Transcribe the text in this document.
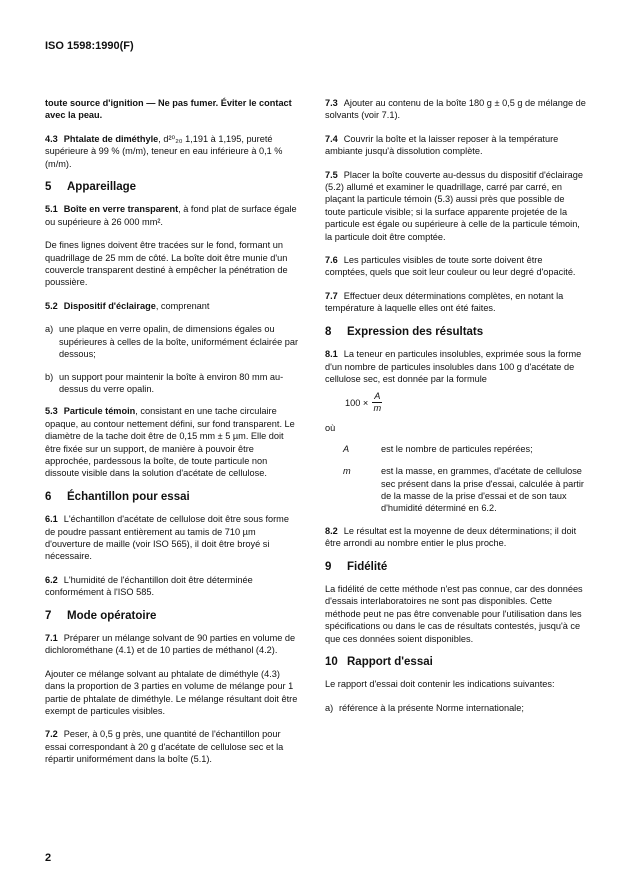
ISO 1598:1990(F)

toute source d'ignition — Ne pas fumer. Éviter le contact avec la peau.

4.3 Phtalate de diméthyle, d²⁰₂₀ 1,191 à 1,195, pureté supérieure à 99 % (m/m), teneur en eau inférieure à 0,1 % (m/m).

5 Appareillage

5.1 Boîte en verre transparent, à fond plat de surface égale ou supérieure à 26 000 mm².

De fines lignes doivent être tracées sur le fond, formant un quadrillage de 25 mm de côté. La boîte doit être munie d'un couvercle transparent destiné à empêcher la pénétration de poussière.

5.2 Dispositif d'éclairage, comprenant

a) une plaque en verre opalin, de dimensions égales ou supérieures à celles de la boîte, uniformément éclairée par dessous;
b) un support pour maintenir la boîte à environ 80 mm au-dessus du verre opalin.

5.3 Particule témoin, consistant en une tache circulaire opaque, au contour nettement défini, sur fond transparent. Le diamètre de la tache doit être de 0,15 mm ± 5 µm. Elle doit être fixée sur un support, de manière à pouvoir être approchée, pardessous la boîte, de toute particule non dissoute visible dans la solution d'acétate de cellulose.

6 Échantillon pour essai

6.1 L'échantillon d'acétate de cellulose doit être sous forme de poudre passant entièrement au tamis de 710 µm d'ouverture de maille (voir ISO 565), il doit être broyé si nécessaire.

6.2 L'humidité de l'échantillon doit être déterminée conformément à l'ISO 585.

7 Mode opératoire

7.1 Préparer un mélange solvant de 90 parties en volume de dichlorométhane (4.1) et de 10 parties de méthanol (4.2).

Ajouter ce mélange solvant au phtalate de diméthyle (4.3) dans la proportion de 3 parties en volume de mélange pour 1 partie de phtalate de diméthyle. Le mélange résultant doit être exempt de particules visibles.

7.2 Peser, à 0,5 g près, une quantité de l'échantillon pour essai correspondant à 20 g d'acétate de cellulose sec et la répartir uniformément dans la boîte (5.1).

7.3 Ajouter au contenu de la boîte 180 g ± 0,5 g de mélange de solvants (voir 7.1).

7.4 Couvrir la boîte et la laisser reposer à la température ambiante jusqu'à dissolution complète.

7.5 Placer la boîte couverte au-dessus du dispositif d'éclairage (5.2) allumé et examiner le quadrillage, carré par carré, en plaçant la particule témoin (5.3) aussi près que possible de toute particule visible; si la surface apparente projetée de la particule est égale ou supérieure à celle de la particule témoin, la particule doit être comptée.

7.6 Les particules visibles de toute sorte doivent être comptées, quels que soit leur couleur ou leur degré d'opacité.

7.7 Effectuer deux déterminations complètes, en notant la température à laquelle elles ont été faites.

8 Expression des résultats

8.1 La teneur en particules insolubles, exprimée sous la forme d'un nombre de particules insolubles dans 100 g d'acétate de cellulose sec, est donnée par la formule

$100 \times \frac{A}{m}$

où

A	est le nombre de particules repérées;
m	est la masse, en grammes, d'acétate de cellulose sec présent dans la prise d'essai, calculée à partir de la masse de la prise d'essai et de son taux d'humidité déterminé en 6.2.

8.2 Le résultat est la moyenne de deux déterminations; il doit être arrondi au nombre entier le plus proche.

9 Fidélité

La fidélité de cette méthode n'est pas connue, car des données d'essais interlaboratoires ne sont pas disponibles. Cette méthode peut ne pas être convenable pour l'utilisation dans les spécifications ou dans le cas de résultats contestés, jusqu'à ce que ces données soient disponibles.

10 Rapport d'essai

Le rapport d'essai doit contenir les indications suivantes:

a) référence à la présente Norme internationale;
2
